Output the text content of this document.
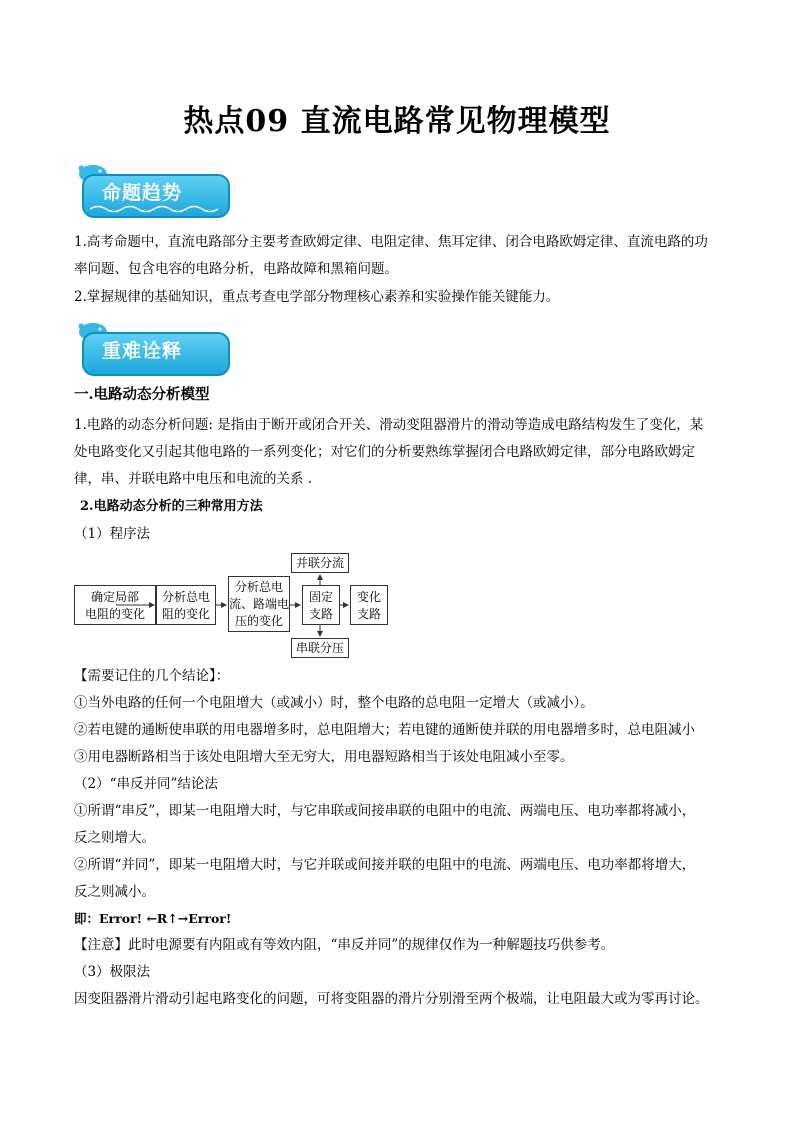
热点09 直流电路常见物理模型
命题趋势
1.高考命题中，直流电路部分主要考查欧姆定律、电阻定律、焦耳定律、闭合电路欧姆定律、直流电路的功
率问题、包含电容的电路分析，电路故障和黑箱问题。
2.掌握规律的基础知识，重点考查电学部分物理核心素养和实验操作能关键能力。
重难诠释
一.电路动态分析模型
1.电路的动态分析问题: 是指由于断开或闭合开关、滑动变阻器滑片的滑动等造成电路结构发生了变化，某
处电路变化又引起其他电路的一系列变化；对它们的分析要熟练掌握闭合电路欧姆定律，部分电路欧姆定
律，串、并联电路中电压和电流的关系 .
2.电路动态分析的三种常用方法
（1）程序法
确定局部
电阻的变化
分析总电
阻的变化
分析总电
流、路端电
压的变化
固定
支路
变化
支路
并联分流
串联分压
【需要记住的几个结论】：
①当外电路的任何一个电阻增大（或减小）时，整个电路的总电阻一定增大（或减小）。
②若电键的通断使串联的用电器增多时，总电阻增大；若电键的通断使并联的用电器增多时，总电阻减小
③用电器断路相当于该处电阻增大至无穷大，用电器短路相当于该处电阻减小至零。
（2）“串反并同”结论法
①所谓“串反”，即某一电阻增大时，与它串联或间接串联的电阻中的电流、两端电压、电功率都将减小，
反之则增大。
②所谓“并同”，即某一电阻增大时，与它并联或间接并联的电阻中的电流、两端电压、电功率都将增大，
反之则减小。
即：Error! ←R↑→Error!
【注意】此时电源要有内阻或有等效内阻，“串反并同”的规律仅作为一种解题技巧供参考。
（3）极限法
因变阻器滑片滑动引起电路变化的问题，可将变阻器的滑片分别滑至两个极端，让电阻最大或为零再讨论。
